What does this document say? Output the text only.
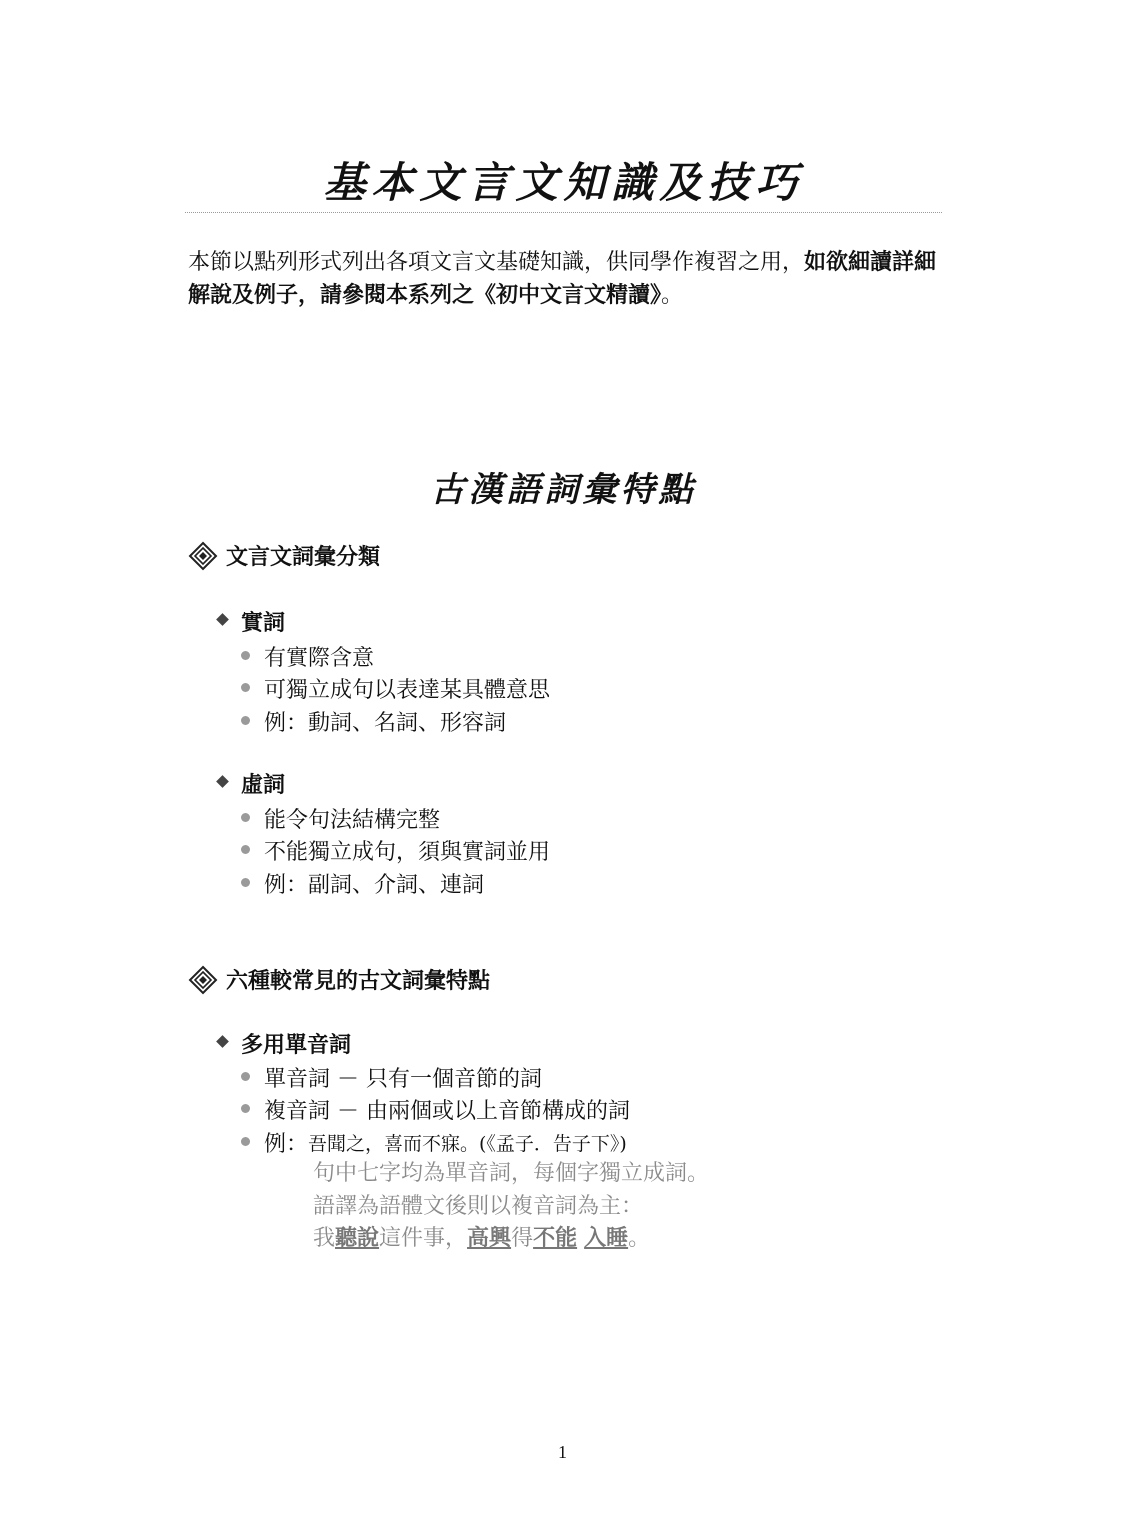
基本文言文知識及技巧
本節以點列形式列出各項文言文基礎知識，供同學作複習之用，如欲細讀詳細解說及例子，請參閱本系列之《初中文言文精讀》。
古漢語詞彙特點
文言文詞彙分類
實詞
有實際含意
可獨立成句以表達某具體意思
例：動詞、名詞、形容詞
虛詞
能令句法結構完整
不能獨立成句，須與實詞並用
例：副詞、介詞、連詞
六種較常見的古文詞彙特點
多用單音詞
單音詞 － 只有一個音節的詞
複音詞 － 由兩個或以上音節構成的詞
例： 吾聞之，喜而不寐。(《孟子．告子下》)
句中七字均為單音詞，每個字獨立成詞。
語譯為語體文後則以複音詞為主：
我聽說這件事，高興得不能 入睡。
1
